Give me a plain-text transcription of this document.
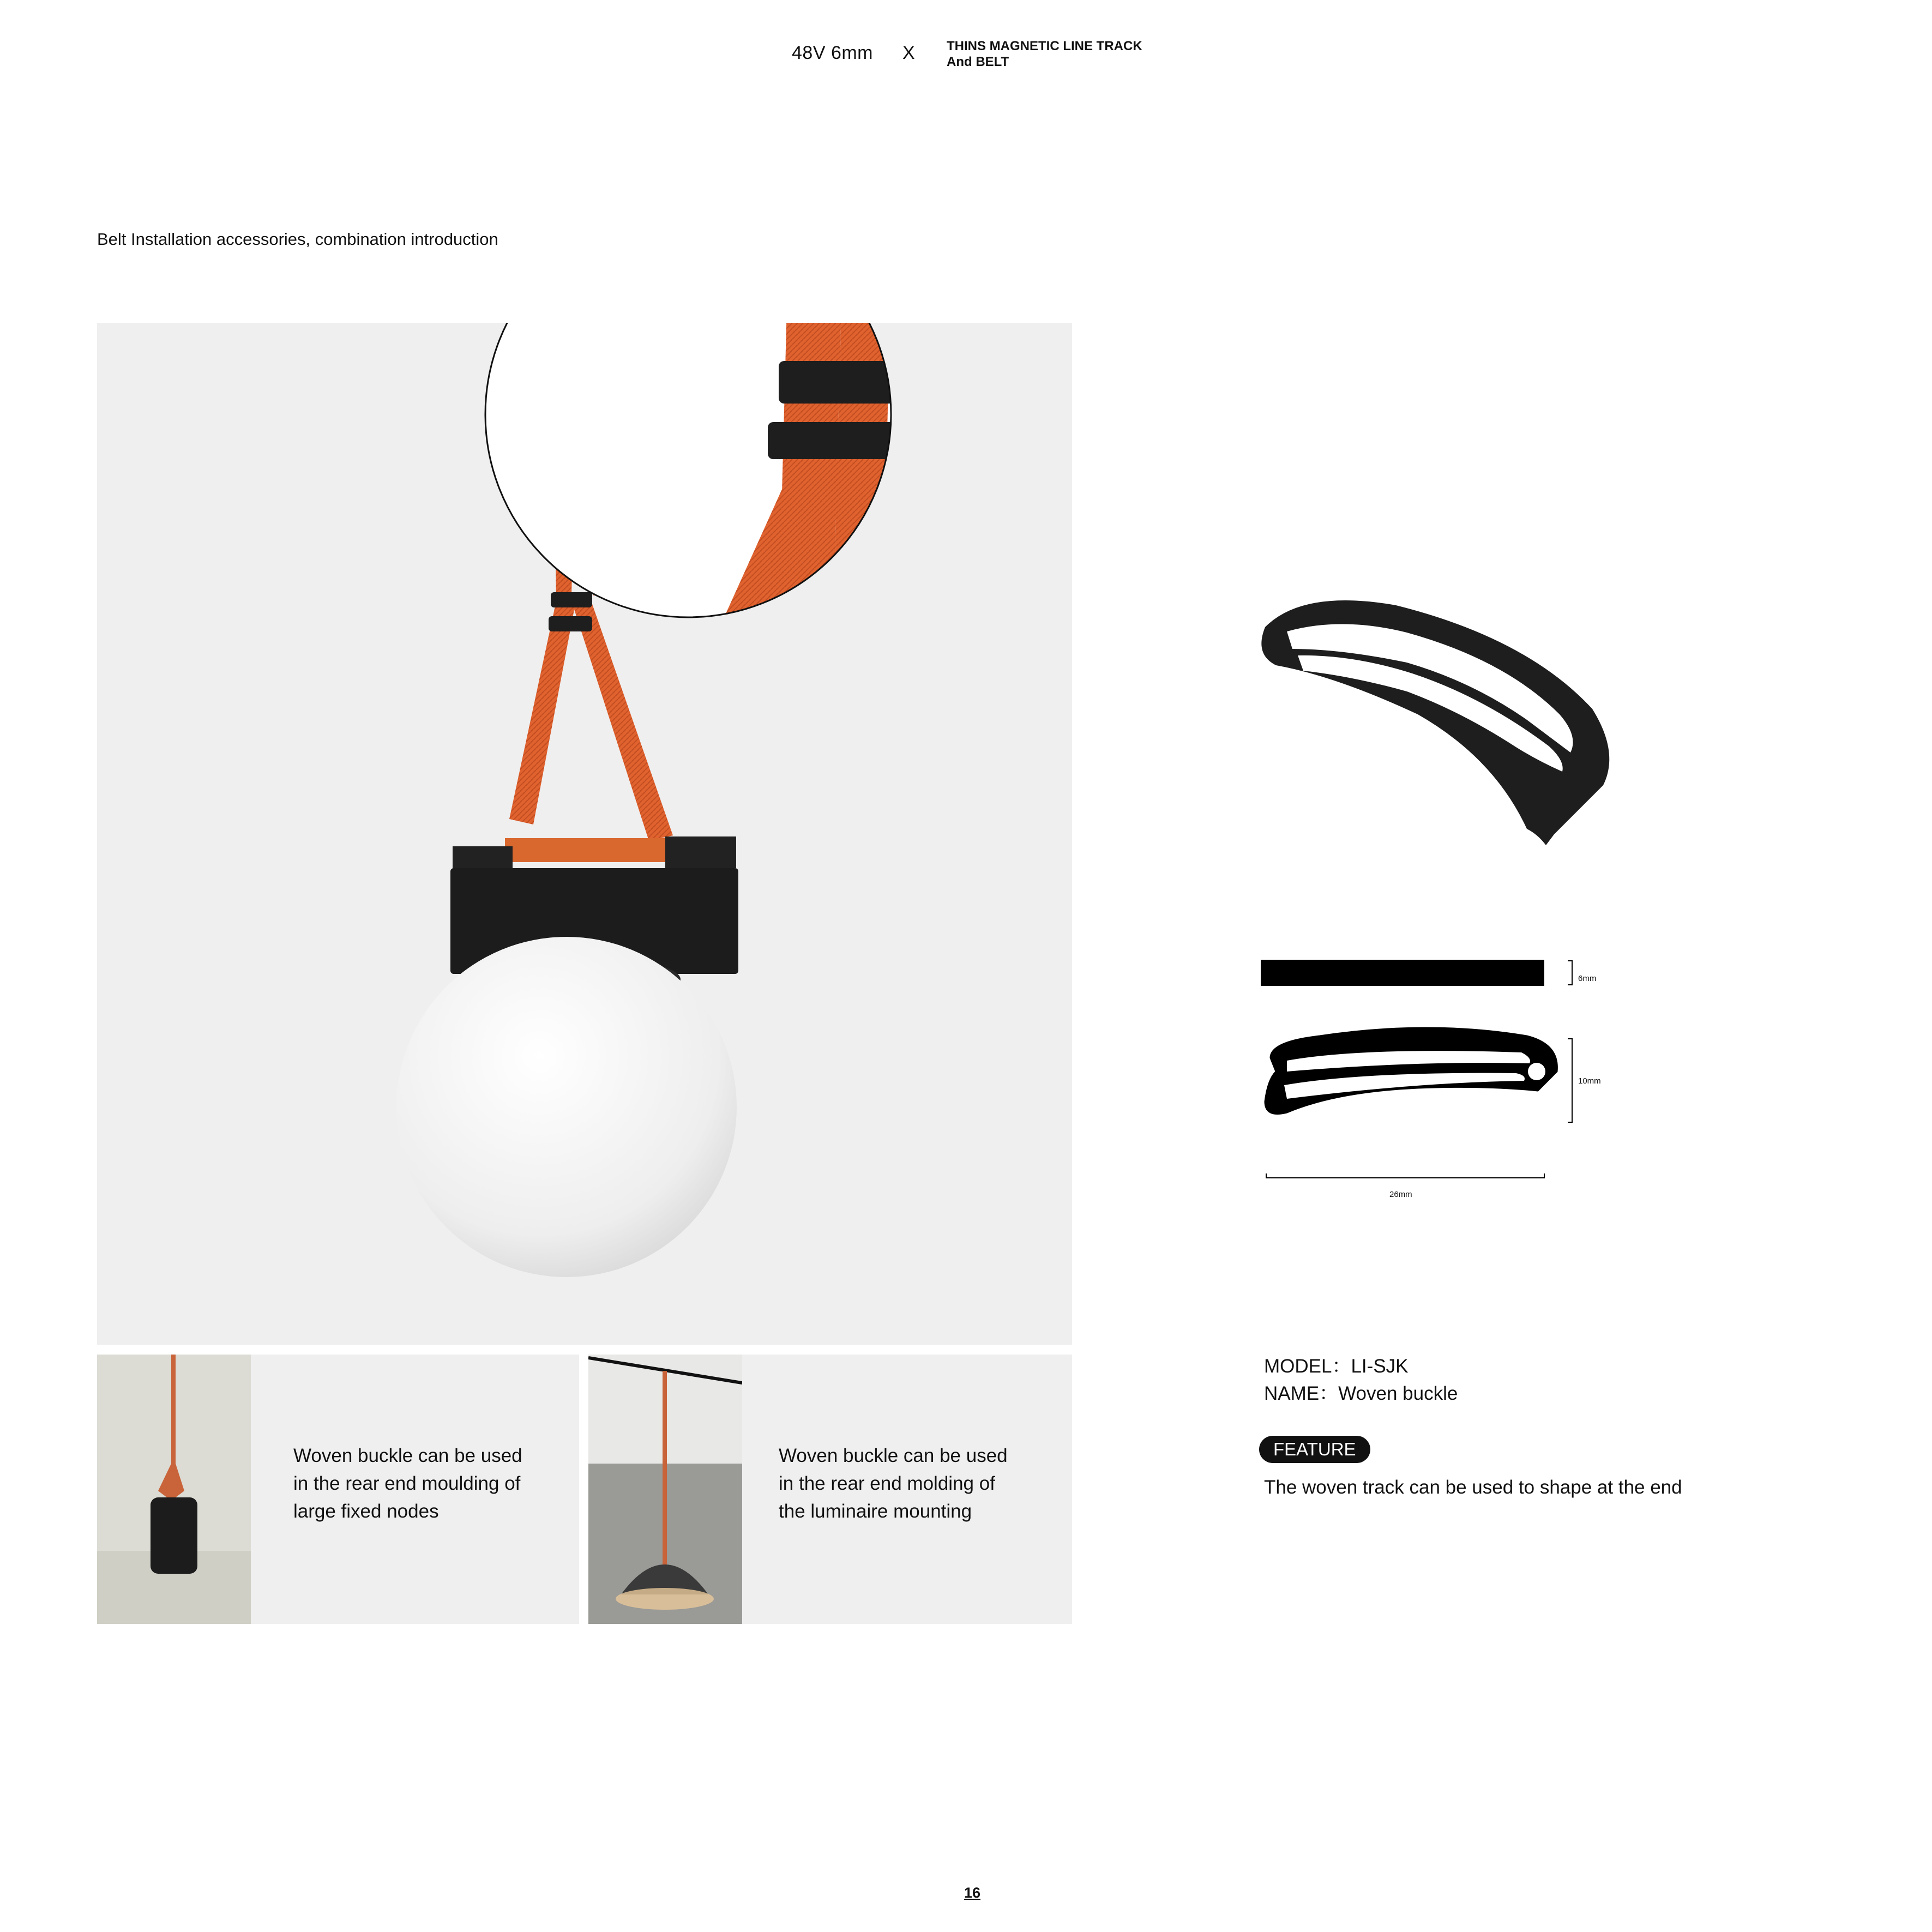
48V 6mm X THINS MAGNETIC LINE TRACK
And BELT
Belt Installation accessories, combination introduction
Woven buckle can be used
in the rear end moulding of
large fixed nodes
Woven buckle can be used
in the rear end molding of
the luminaire mounting
6mm
10mm
26mm
MODEL：LI-SJK
NAME：Woven buckle
FEATURE
The woven track can be used to shape at the end
16
